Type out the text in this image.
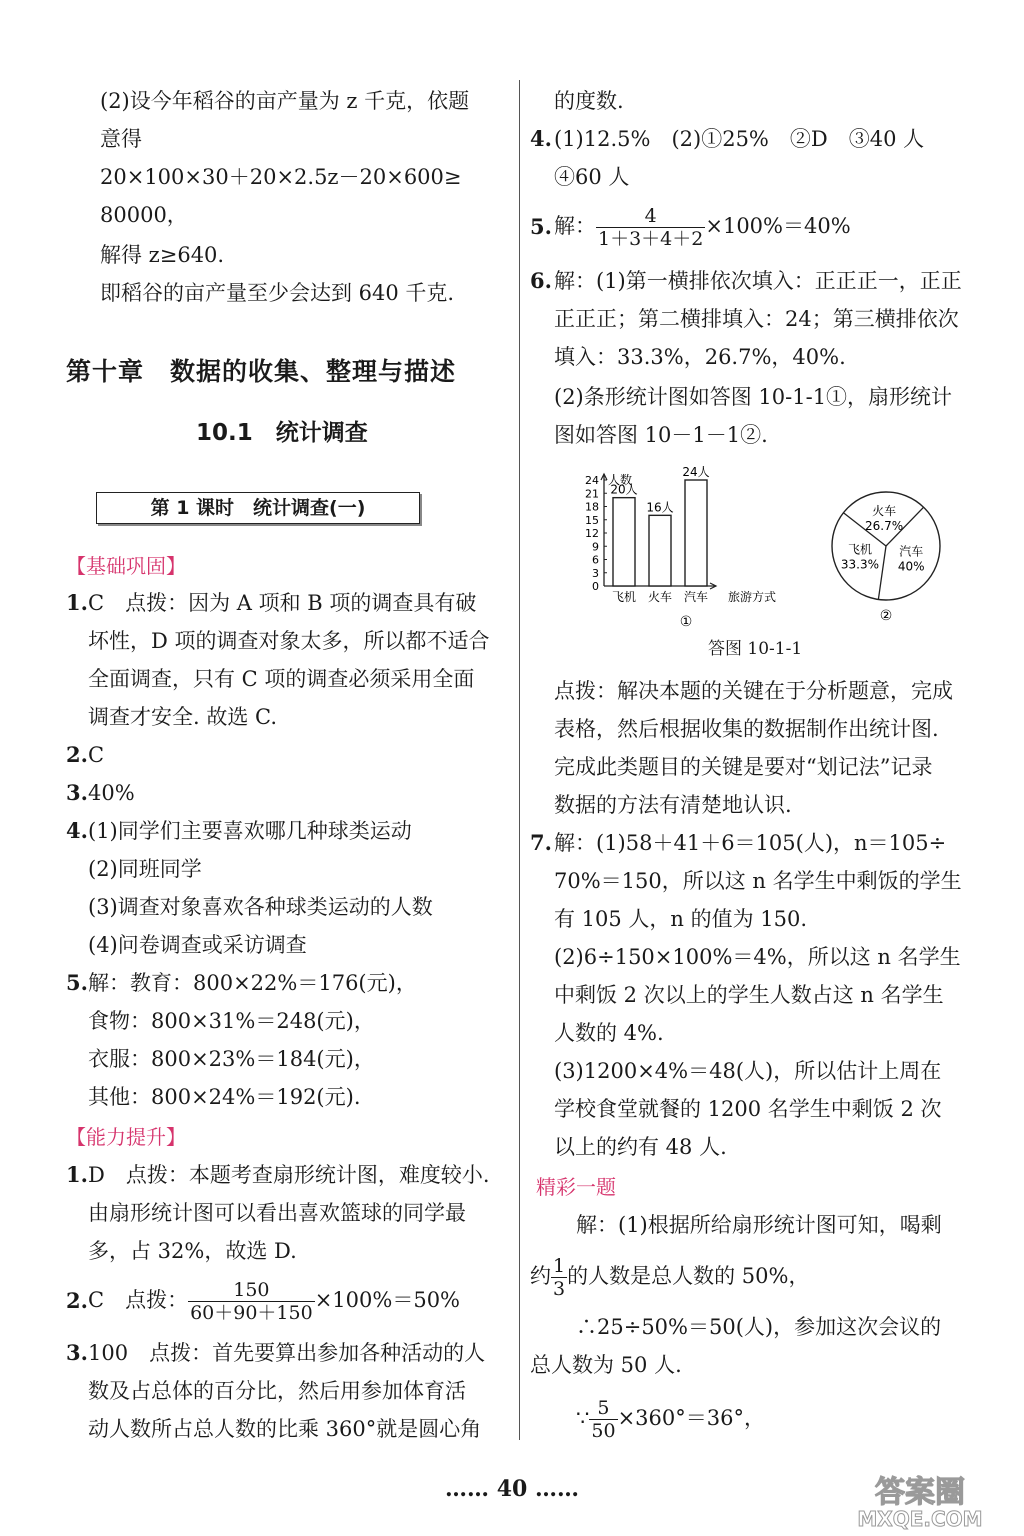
(2)设今年稻谷的亩产量为 z 千克，依题
意得
20×100×30＋20×2.5z－20×600≥
80000，
解得 z≥640.
即稻谷的亩产量至少会达到 640 千克.
第十章　数据的收集、整理与描述
10.1　统计调查
第 1 课时　统计调查(一)
【基础巩固】
1. C　点拨：因为 A 项和 B 项的调查具有破
坏性，D 项的调查对象太多，所以都不适合
全面调查，只有 C 项的调查必须采用全面
调查才安全. 故选 C.
2. C
3. 40%
4. (1)同学们主要喜欢哪几种球类运动
(2)同班同学
(3)调查对象喜欢各种球类运动的人数
(4)问卷调查或采访调查
5. 解：教育：800×22%＝176(元)，
食物：800×31%＝248(元)，
衣服：800×23%＝184(元)，
其他：800×24%＝192(元).
【能力提升】
1. D　点拨：本题考查扇形统计图，难度较小.
由扇形统计图可以看出喜欢篮球的同学最
多，占 32%，故选 D.
2. C　点拨： $\frac{150}{60+90+150} \times 100\%=50\%$
3. 100　点拨：首先要算出参加各种活动的人
数及占总体的百分比，然后用参加体育活
动人数所占总人数的比乘 360°就是圆心角
的度数.
4. (1)12.5%　(2)①25%　②D　③40 人
④60 人
5. 解： $\frac{4}{1+3+4+2} \times 100\%=40\%$
6. 解：(1)第一横排依次填入：正正正一，正正
正正正；第二横排填入：24；第三横排依次
填入：33.3%，26.7%，40%.
(2)条形统计图如答图 10-1-1①，扇形统计
图如答图 10－1－1②.
人数
0
3
6
9
12
15
18
21
24
20人
飞机
16人
火车
24人
汽车 旅游方式
①
火车
26.7%
汽车
40%
飞机
33.3%
②
答图 10-1-1
点拨：解决本题的关键在于分析题意，完成
表格，然后根据收集的数据制作出统计图.
完成此类题目的关键是要对“划记法”记录
数据的方法有清楚地认识.
7. 解：(1)58＋41＋6＝105(人)，n＝105÷
70%＝150，所以这 n 名学生中剩饭的学生
有 105 人，n 的值为 150.
(2)6÷150×100%＝4%，所以这 n 名学生
中剩饭 2 次以上的学生人数占这 n 名学生
人数的 4%.
(3)1200×4%＝48(人)，所以估计上周在
学校食堂就餐的 1200 名学生中剩饭 2 次
以上的约有 48 人.
精彩一题
解：(1)根据所给扇形统计图可知，喝剩
约 $\frac{1}{3}$ 的人数是总人数的 50%，
∴25÷50%＝50(人)，参加这次会议的
总人数为 50 人.
∵ $\frac{5}{50} \times 360^\circ=36^\circ$，
…… 40 ……	答案圈
MXQE.COM
